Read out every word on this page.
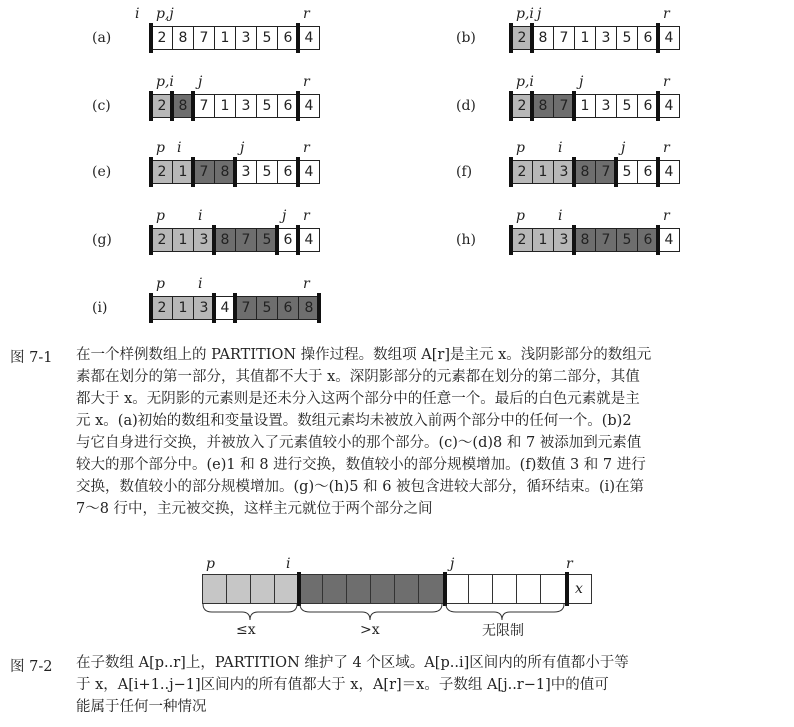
(a)	2 8 7 1 3 5 6 4
i p,j	r
(b)	2 8 7 1 3 5 6 4
p,i j	r
(c)	2 8 7 1 3 5 6 4
p,i j	r
(d)	2 8 7 1 3 5 6 4
p,i	j	r
(e)	2 1 7 8 3 5 6 4
p i	j	r
(f)	2 1 3 8 7 5 6 4
p i	j	r
(g)	2 1 3 8 7 5 6 4
p i	j r
(h)	2 1 3 8 7 5 6 4
p i	r
(i)	2 1 3 4 7 5 6 8
p i	r
图 7-1 在一个样例数组上的 PARTITION 操作过程。数组项 A[r]是主元 x。浅阴影部分的数组元
素都在划分的第一部分，其值都不大于 x。深阴影部分的元素都在划分的第二部分，其值
都大于 x。无阴影的元素则是还未分入这两个部分中的任意一个。最后的白色元素就是主
元 x。(a)初始的数组和变量设置。数组元素均未被放入前两个部分中的任何一个。(b)2
与它自身进行交换，并被放入了元素值较小的那个部分。(c)～(d)8 和 7 被添加到元素值
较大的那个部分中。(e)1 和 8 进行交换，数值较小的部分规模增加。(f)数值 3 和 7 进行
交换，数值较小的部分规模增加。(g)～(h)5 和 6 被包含进较大部分，循环结束。(i)在第
7～8 行中，主元被交换，这样主元就位于两个部分之间
p	i	j	r
x
≤x	>x	无限制
图 7-2 在子数组 A[p..r]上，PARTITION 维护了 4 个区域。A[p..i]区间内的所有值都小于等
于 x，A[i+1..j−1]区间内的所有值都大于 x，A[r]＝x。子数组 A[j..r−1]中的值可
能属于任何一种情况
